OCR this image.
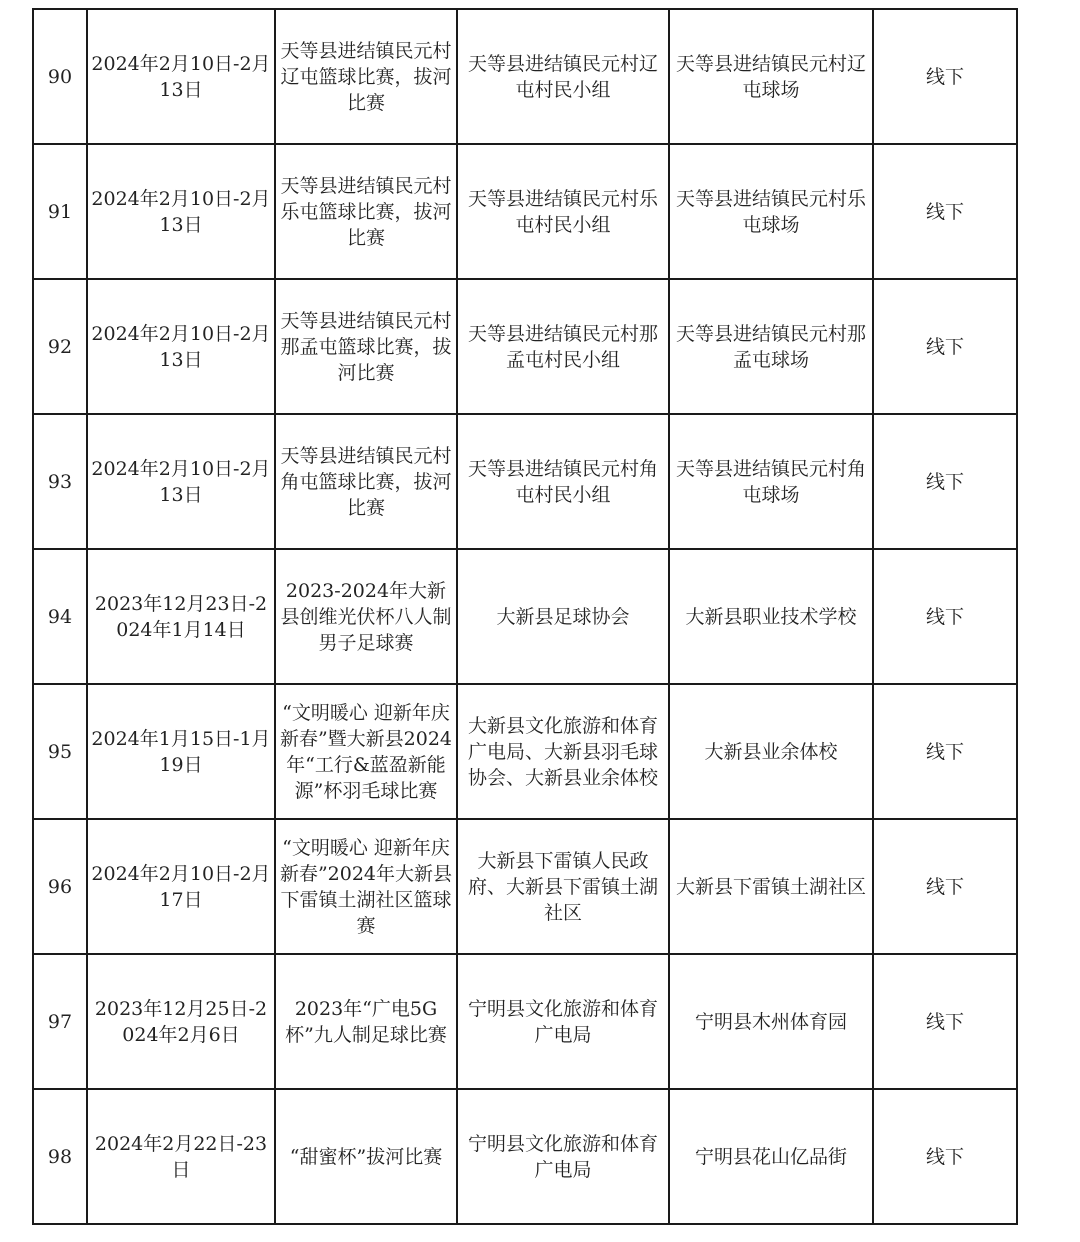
90	2024年2月10日-2月13日	天等县进结镇民元村辽屯篮球比赛，拔河比赛	天等县进结镇民元村辽屯村民小组	天等县进结镇民元村辽屯球场	线下
91	2024年2月10日-2月13日	天等县进结镇民元村乐屯篮球比赛，拔河比赛	天等县进结镇民元村乐屯村民小组	天等县进结镇民元村乐屯球场	线下
92	2024年2月10日-2月13日	天等县进结镇民元村那孟屯篮球比赛，拔河比赛	天等县进结镇民元村那孟屯村民小组	天等县进结镇民元村那孟屯球场	线下
93	2024年2月10日-2月13日	天等县进结镇民元村角屯篮球比赛，拔河比赛	天等县进结镇民元村角屯村民小组	天等县进结镇民元村角屯球场	线下
94	2023年12月23日-2024年1月14日	2023-2024年大新县创维光伏杯八人制男子足球赛	大新县足球协会	大新县职业技术学校	线下
95	2024年1月15日-1月19日	“文明暖心 迎新年庆新春”暨大新县2024年“工行&蓝盈新能源”杯羽毛球比赛	大新县文化旅游和体育广电局、大新县羽毛球协会、大新县业余体校	大新县业余体校	线下
96	2024年2月10日-2月17日	“文明暖心 迎新年庆新春”2024年大新县下雷镇土湖社区篮球赛	大新县下雷镇人民政府、大新县下雷镇土湖社区	大新县下雷镇土湖社区	线下
97	2023年12月25日-2024年2月6日	2023年“广电5G杯”九人制足球比赛	宁明县文化旅游和体育广电局	宁明县木州体育园	线下
98	2024年2月22日-23日	“甜蜜杯”拔河比赛	宁明县文化旅游和体育广电局	宁明县花山亿品街	线下
